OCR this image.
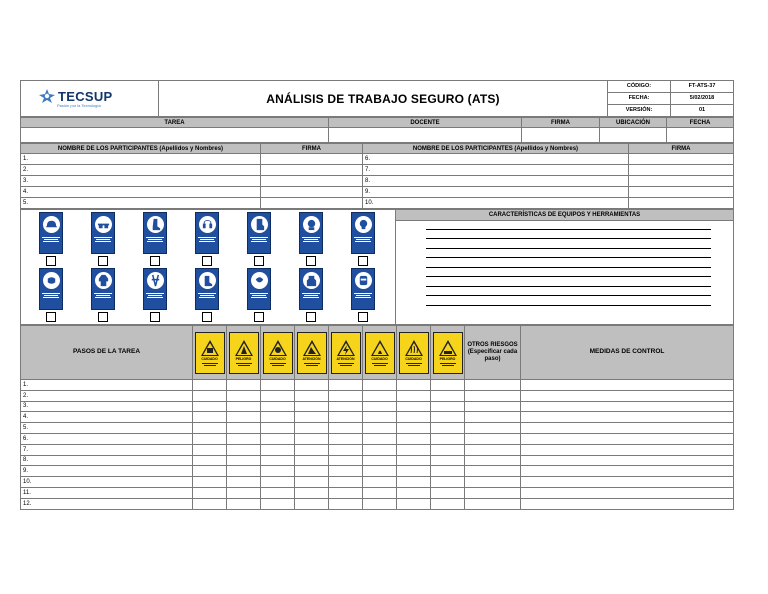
TECSUP
Pasión por la Tecnología	ANÁLISIS DE TRABAJO SEGURO (ATS)	CÓDIGO:	FT-ATS-37
		FECHA:	5/02/2018
		VERSIÓN:	01
TAREA	DOCENTE	FIRMA	UBICACIÓN	FECHA

NOMBRE DE LOS PARTICIPANTES (Apellidos y Nombres)	FIRMA	NOMBRE DE LOS PARTICIPANTES (Apellidos y Nombres)	FIRMA
1.		6.	
2.		7.	
3.		8.	
4.		9.	
5.		10.	
	CARACTERÍSTICAS DE EQUIPOS Y HERRAMIENTAS

PASOS DE LA TAREA	CUIDADO	PELIGRO	CUIDADO	ATENCIÓN	ATENCIÓN	CUIDADO	CUIDADO	PELIGRO	OTROS RIESGOS (Especificar cada paso)	MEDIDAS DE CONTROL
1.										
2.										
3.										
4.										
5.										
6.										
7.										
8.										
9.										
10.										
11.										
12.										
